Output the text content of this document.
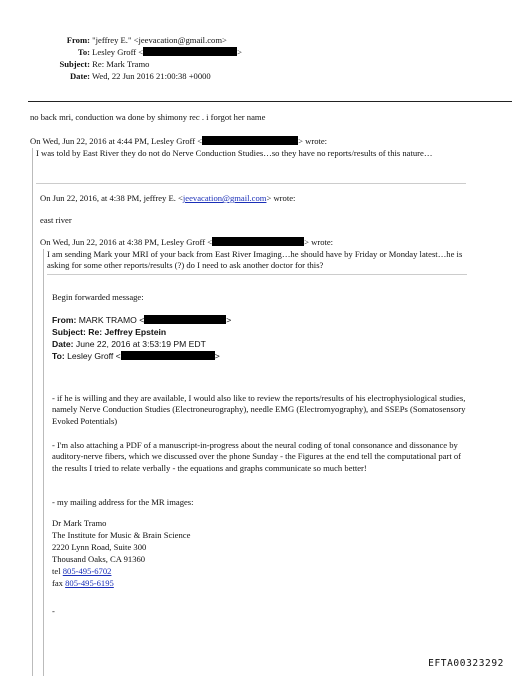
From: "jeffrey E." <jeevacation@gmail.com>
To: Lesley Groff <	>
Subject: Re: Mark Tramo
Date: Wed, 22 Jun 2016 21:00:38 +0000
no back mri, conduction wa done by shimony rec . i forgot her name
On Wed, Jun 22, 2016 at 4:44 PM, Lesley Groff <	> wrote:
I was told by East River they do not do Nerve Conduction Studies…so they have no reports/results of this nature…
On Jun 22, 2016, at 4:38 PM, jeffrey E. <jeevacation@gmail.com> wrote:
east river
On Wed, Jun 22, 2016 at 4:38 PM, Lesley Groff <	> wrote:
I am sending Mark your MRI of your back from East River Imaging…he should have by Friday or Monday latest…he is asking for some other reports/results (?) do I need to ask another doctor for this?
Begin forwarded message:
From: MARK TRAMO <	>
Subject: Re: Jeffrey Epstein
Date: June 22, 2016 at 3:53:19 PM EDT
To: Lesley Groff <	>
- if he is willing and they are available, I would also like to review the reports/results of his electrophysiological studies, namely Nerve Conduction Studies (Electroneurography), needle EMG (Electromyography), and SSEPs (Somatosensory Evoked Potentials)
- I'm also attaching a PDF of a manuscript-in-progress about the neural coding of tonal consonance and dissonance by auditory-nerve fibers, which we discussed over the phone Sunday - the Figures at the end tell the computational part of the results I tried to relate verbally - the equations and graphs communicate so much better!
- my mailing address for the MR images:
Dr Mark Tramo
The Institute for Music & Brain Science
2220 Lynn Road, Suite 300
Thousand Oaks, CA 91360
tel 805-495-6702
fax 805-495-6195
-
EFTA00323292
